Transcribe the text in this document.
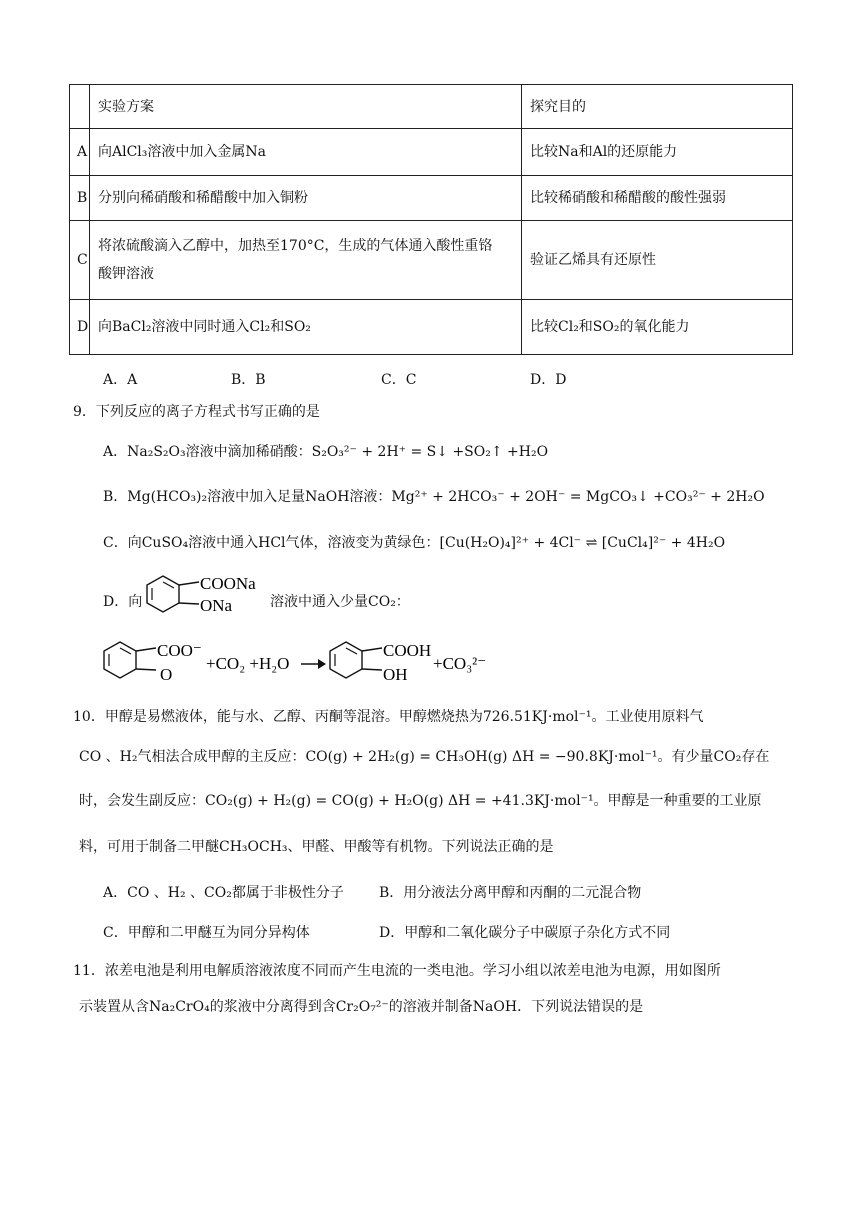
	实验方案	探究目的
A	向AlCl₃溶液中加入金属Na	比较Na和Al的还原能力
B	分别向稀硝酸和稀醋酸中加入铜粉	比较稀硝酸和稀醋酸的酸性强弱
C	将浓硫酸滴入乙醇中，加热至170°C，生成的气体通入酸性重铬
酸钾溶液	验证乙烯具有还原性
D	向BaCl₂溶液中同时通入Cl₂和SO₂	比较Cl₂和SO₂的氧化能力
A．A	B．B	C．C	D．D
9．下列反应的离子方程式书写正确的是
A．Na₂S₂O₃溶液中滴加稀硝酸：S₂O₃²⁻ + 2H⁺ = S↓ +SO₂↑ +H₂O
B．Mg(HCO₃)₂溶液中加入足量NaOH溶液：Mg²⁺ + 2HCO₃⁻ + 2OH⁻ = MgCO₃↓ +CO₃²⁻ + 2H₂O
C．向CuSO₄溶液中通入HCl气体，溶液变为黄绿色：[Cu(H₂O)₄]²⁺ + 4Cl⁻ ⇌ [CuCl₄]²⁻ + 4H₂O
D．向
COONa
ONa	溶液中通入少量CO₂：
COO⁻
O
+CO₂ +H₂O
COOH
OH
+CO₃²⁻
10．甲醇是易燃液体，能与水、乙醇、丙酮等混溶。甲醇燃烧热为726.51KJ·mol⁻¹。工业使用原料气
CO 、H₂气相法合成甲醇的主反应：CO(g) + 2H₂(g) = CH₃OH(g) ΔH = −90.8KJ·mol⁻¹。有少量CO₂存在
时，会发生副反应：CO₂(g) + H₂(g) = CO(g) + H₂O(g) ΔH = +41.3KJ·mol⁻¹。甲醇是一种重要的工业原
料，可用于制备二甲醚CH₃OCH₃、甲醛、甲酸等有机物。下列说法正确的是
A．CO 、H₂ 、CO₂都属于非极性分子	B．用分液法分离甲醇和丙酮的二元混合物
C．甲醇和二甲醚互为同分异构体	D．甲醇和二氧化碳分子中碳原子杂化方式不同
11．浓差电池是利用电解质溶液浓度不同而产生电流的一类电池。学习小组以浓差电池为电源，用如图所
示装置从含Na₂CrO₄的浆液中分离得到含Cr₂O₇²⁻的溶液并制备NaOH．下列说法错误的是
